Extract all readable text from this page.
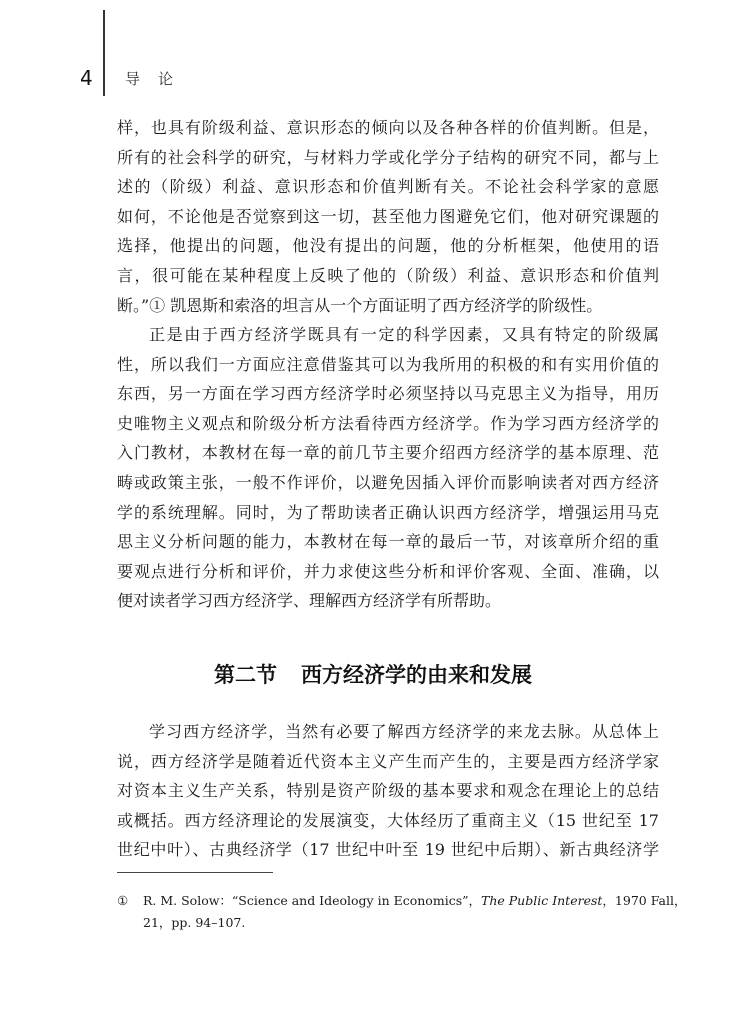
4 导论
样，也具有阶级利益、意识形态的倾向以及各种各样的价值判断。但是，
所有的社会科学的研究，与材料力学或化学分子结构的研究不同，都与上
述的（阶级）利益、意识形态和价值判断有关。不论社会科学家的意愿
如何，不论他是否觉察到这一切，甚至他力图避免它们，他对研究课题的
选择，他提出的问题，他没有提出的问题，他的分析框架，他使用的语
言，很可能在某种程度上反映了他的（阶级）利益、意识形态和价值判
断。”① 凯恩斯和索洛的坦言从一个方面证明了西方经济学的阶级性。
正是由于西方经济学既具有一定的科学因素，又具有特定的阶级属
性，所以我们一方面应注意借鉴其可以为我所用的积极的和有实用价值的
东西，另一方面在学习西方经济学时必须坚持以马克思主义为指导，用历
史唯物主义观点和阶级分析方法看待西方经济学。作为学习西方经济学的
入门教材，本教材在每一章的前几节主要介绍西方经济学的基本原理、范
畴或政策主张，一般不作评价，以避免因插入评价而影响读者对西方经济
学的系统理解。同时，为了帮助读者正确认识西方经济学，增强运用马克
思主义分析问题的能力，本教材在每一章的最后一节，对该章所介绍的重
要观点进行分析和评价，并力求使这些分析和评价客观、全面、准确，以
便对读者学习西方经济学、理解西方经济学有所帮助。
第二节 西方经济学的由来和发展
学习西方经济学，当然有必要了解西方经济学的来龙去脉。从总体上
说，西方经济学是随着近代资本主义产生而产生的，主要是西方经济学家
对资本主义生产关系，特别是资产阶级的基本要求和观念在理论上的总结
或概括。西方经济理论的发展演变，大体经历了重商主义（15 世纪至 17
世纪中叶）、古典经济学（17 世纪中叶至 19 世纪中后期）、新古典经济学
① R. M. Solow：“Science and Ideology in Economics”，The Public Interest，1970 Fall，
21，pp. 94–107.
